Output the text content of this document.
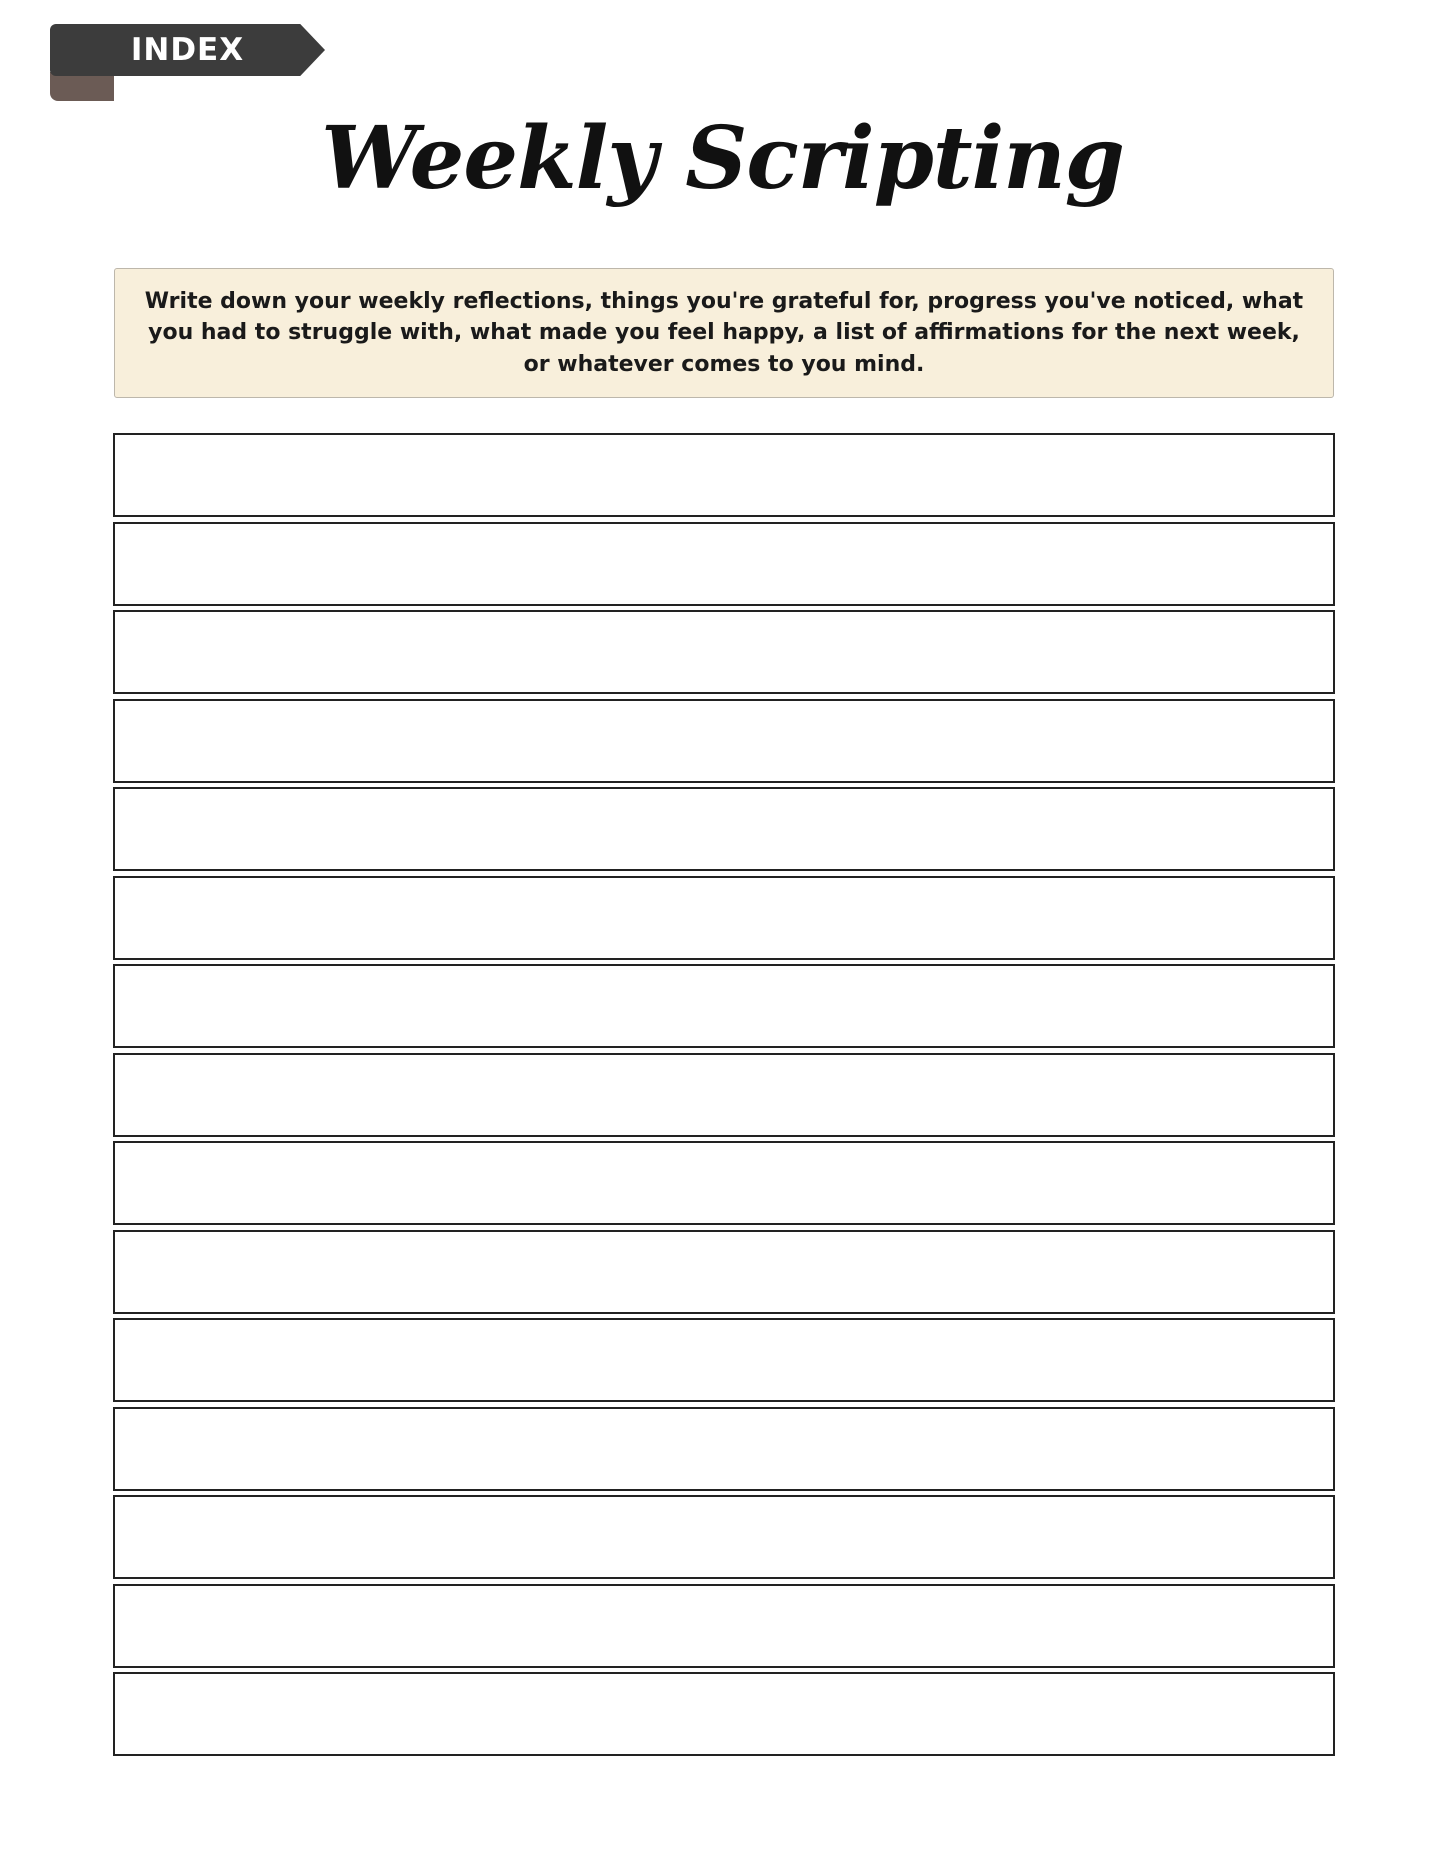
INDEX
Weekly Scripting

Write down your weekly reflections, things you're grateful for, progress you've noticed, what you had to struggle with, what made you feel happy, a list of affirmations for the next week, or whatever comes to you mind.
